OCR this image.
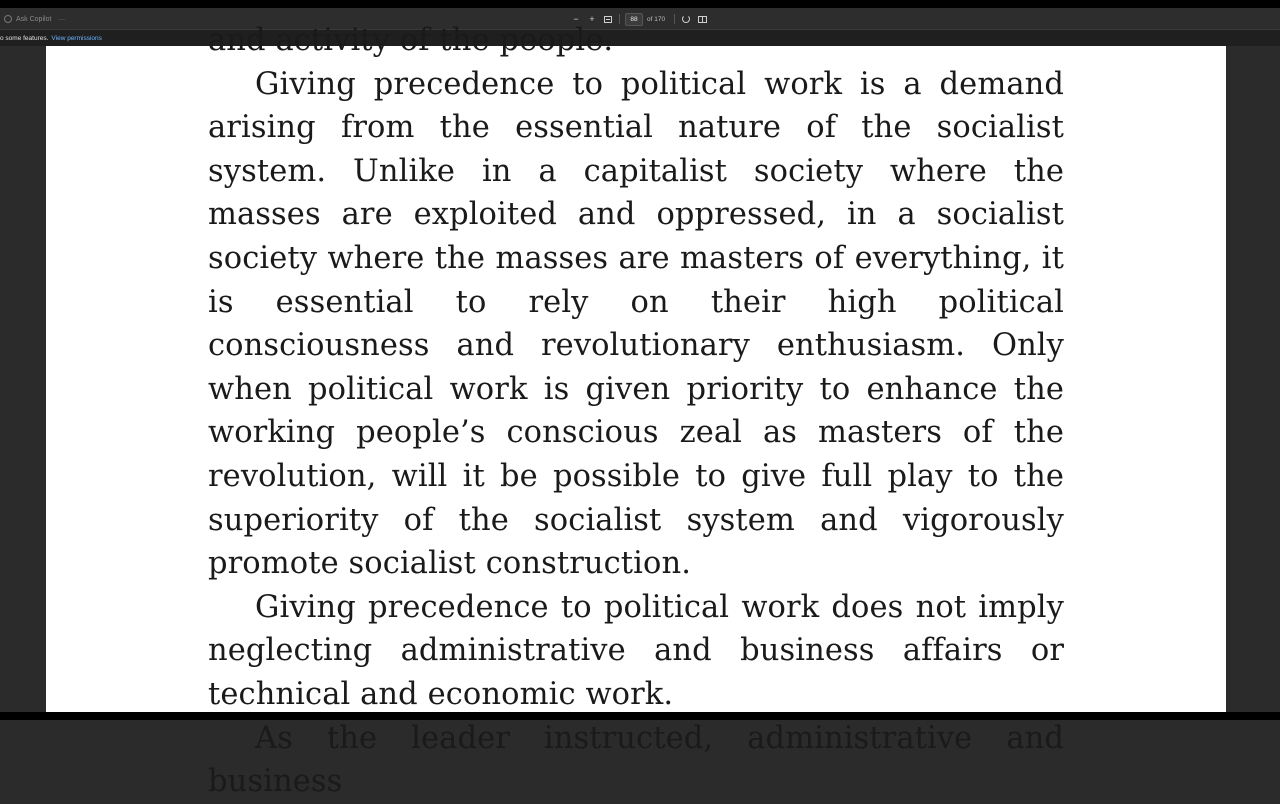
Ask Copilot —	−	+	88	of 170
o some features. View permissions	and activity of the people.

Giving precedence to political work is a demand arising from the essential nature of the socialist system. Unlike in a capitalist society where the masses are exploited and oppressed, in a socialist society where the masses are masters of everything, it is essential to rely on their high political consciousness and revolutionary enthusiasm. Only when political work is given priority to enhance the working people’s conscious zeal as masters of the revolution, will it be possible to give full play to the superiority of the socialist system and vigorously promote socialist construction.

Giving precedence to political work does not imply neglecting administrative and business affairs or technical and economic work.

As the leader instructed, administrative and business
